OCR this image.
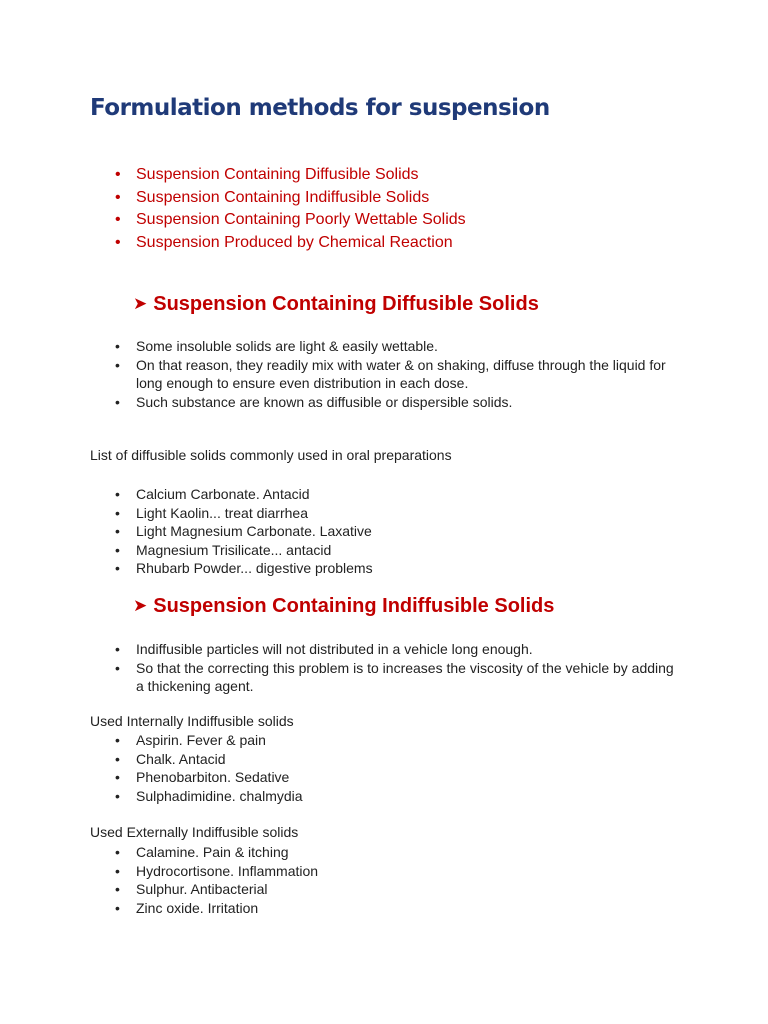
Formulation methods for suspension
• Suspension Containing Diffusible Solids
• Suspension Containing Indiffusible Solids
• Suspension Containing Poorly Wettable Solids
• Suspension Produced by Chemical Reaction
➤ Suspension Containing Diffusible Solids
• Some insoluble solids are light & easily wettable.
• On that reason, they readily mix with water & on shaking, diffuse through the liquid for long enough to ensure even distribution in each dose.
• Such substance are known as diffusible or dispersible solids.

List of diffusible solids commonly used in oral preparations

• Calcium Carbonate. Antacid
• Light Kaolin... treat diarrhea
• Light Magnesium Carbonate. Laxative
• Magnesium Trisilicate... antacid
• Rhubarb Powder... digestive problems
➤ Suspension Containing Indiffusible Solids
• Indiffusible particles will not distributed in a vehicle long enough.
• So that the correcting this problem is to increases the viscosity of the vehicle by adding a thickening agent.

Used Internally Indiffusible solids

• Aspirin. Fever & pain
• Chalk. Antacid
• Phenobarbiton. Sedative
• Sulphadimidine. chalmydia

Used Externally Indiffusible solids

• Calamine. Pain & itching
• Hydrocortisone. Inflammation
• Sulphur. Antibacterial
• Zinc oxide. Irritation
